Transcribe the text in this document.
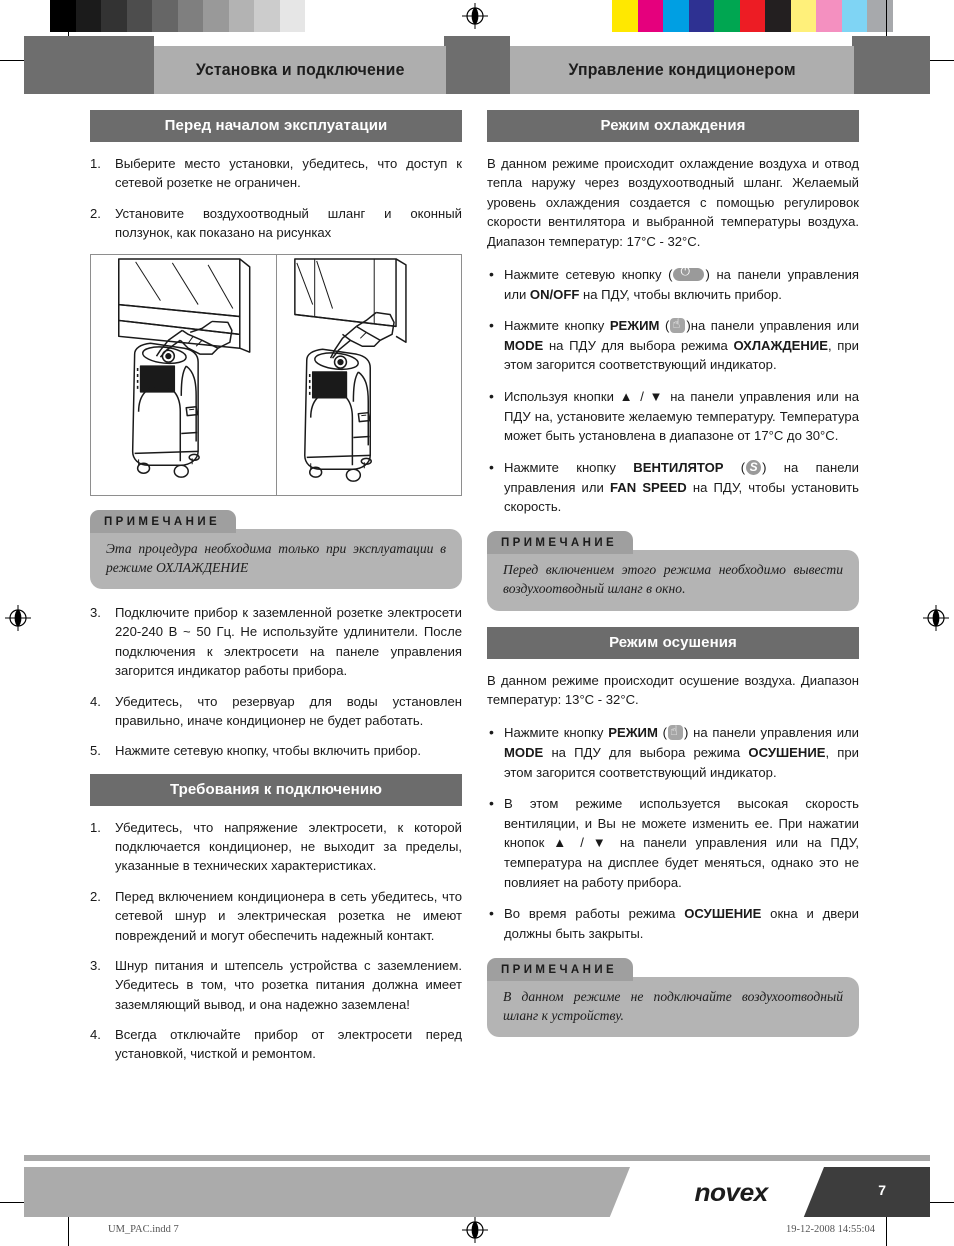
Установка и подключение	Управление кондиционером
Перед началом эксплуатации
1. Выберите место установки, убедитесь, что доступ к сетевой розетке не ограничен.
2. Установите воздухоотводный шланг и оконный ползунок, как показано на рисунках
ПРИМЕЧАНИЕ
Эта процедура необходима только при эксплуатации в режиме ОХЛАЖДЕНИЕ
3. Подключите прибор к заземленной розетке электросети 220-240 В ~ 50 Гц. Не используйте удлинители. После подключения к электросети на панеле управления загорится индикатор работы прибора.
4. Убедитесь, что резервуар для воды установлен правильно, иначе кондиционер не будет работать.
5. Нажмите сетевую кнопку, чтобы включить прибор.
Требования к подключению
1. Убедитесь, что напряжение электросети, к которой подключается кондиционер, не выходит за пределы, указанные в технических характеристиках.
2. Перед включением кондиционера в сеть убедитесь, что сетевой шнур и электрическая розетка не имеют повреждений и могут обеспечить надежный контакт.
3. Шнур питания и штепсель устройства с заземлением. Убедитесь в том, что розетка питания должна имеет заземляющий вывод, и она надежно заземлена!
4. Всегда отключайте прибор от электросети перед установкой, чисткой и ремонтом.
Режим охлаждения

В данном режиме происходит охлаждение воздуха и отвод тепла наружу через воздухоотводный шланг. Желаемый уровень охлаждения создается с помощью регулировок скорости вентилятора и выбранной температуры воздуха. Диапазон температур: 17°C - 32°C.

• Нажмите сетевую кнопку ( ⏻	) на панели управления или ON/OFF на ПДУ, чтобы включить прибор.
• Нажмите кнопку РЕЖИМ ( ☝ )на панели управления или MODE на ПДУ для выбора режима ОХЛАЖДЕНИЕ, при этом загорится соответствующий индикатор.
• Используя кнопки ▲ / ▼ на панели управления или на ПДУ на, установите желаемую температуру. Температура может быть установлена в диапазоне от 17°C до 30°C.
• Нажмите кнопку ВЕНТИЛЯТОР ( S ) на панели управления или FAN SPEED на ПДУ, чтобы установить скорость.
ПРИМЕЧАНИЕ
Перед включением этого режима необходимо вывести воздухоотводный шланг в окно.
Режим осушения

В данном режиме происходит осушение воздуха. Диапазон температур: 13°C - 32°C.

• Нажмите кнопку РЕЖИМ ( ☝ ) на панели управления или MODE на ПДУ для выбора режима ОСУШЕНИЕ, при этом загорится соответствующий индикатор.
• В этом режиме используется высокая скорость вентиляции, и Вы не можете изменить ее. При нажатии кнопок ▲ / ▼ на панели управления или на ПДУ, температура на дисплее будет меняться, однако это не повлияет на работу прибора.
• Во время работы режима ОСУШЕНИЕ окна и двери должны быть закрыты.
ПРИМЕЧАНИЕ
В данном режиме не подключайте воздухоотводный шланг к устройству.
novex	7
UM_PAC.indd 7	19-12-2008 14:55:04
